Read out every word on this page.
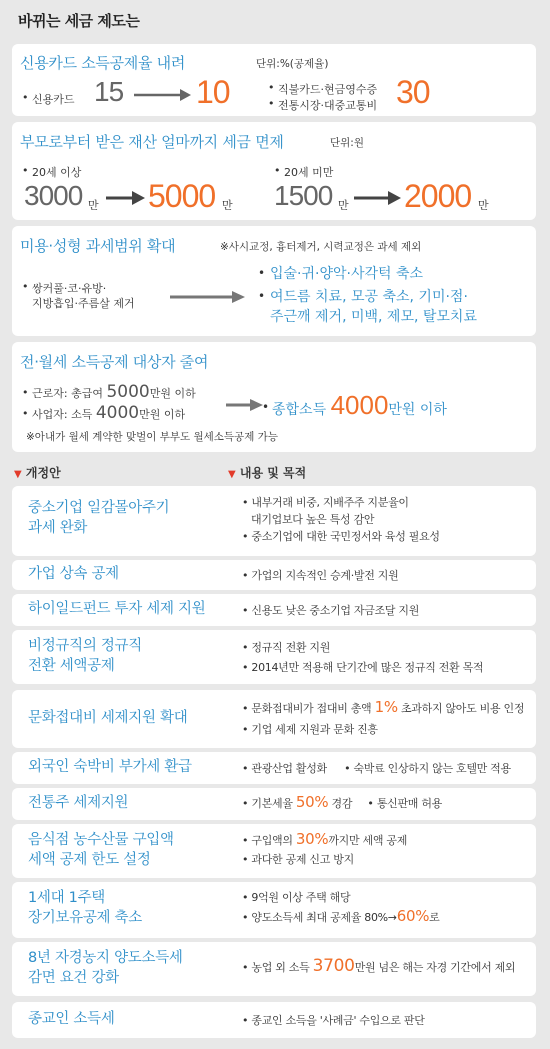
바뀌는 세금 제도는
신용카드 소득공제율 내려	단위:%(공제율)
• 신용카드 15 10	• 직불카드·현금영수증
• 전통시장·대중교통비 30
부모로부터 받은 재산 얼마까지 세금 면제	단위:원
• 20세 이상
3000 만 5000 만
• 20세 미만
1500 만 2000 만
미용·성형 과세범위 확대	※사시교정, 흉터제거, 시력교정은 과세 제외
• 쌍커풀·코·유방·
지방흡입·주름살 제거
• 입술·귀·양악·사각턱 축소
• 여드름 치료, 모공 축소, 기미·점·
주근깨 제거, 미백, 제모, 탈모치료
전·월세 소득공제 대상자 줄여
• 근로자: 총급여 5000만원 이하
• 사업자: 소득 4000만원 이하
• 종합소득 4000만원 이하
※아내가 월세 계약한 맞벌이 부부도 월세소득공제 가능
▼ 개정안	▼ 내용 및 목적
중소기업 일감몰아주기
과세 완화
• 내부거래 비중, 지배주주 지분율이
대기업보다 높은 특성 감안
• 중소기업에 대한 국민정서와 육성 필요성
가업 상속 공제	• 가업의 지속적인 승계·발전 지원
하이일드펀드 투자 세제 지원	• 신용도 낮은 중소기업 자금조달 지원
비정규직의 정규직
전환 세액공제
• 정규직 전환 지원
• 2014년만 적용해 단기간에 많은 정규직 전환 목적
문화접대비 세제지원 확대
• 문화접대비가 접대비 총액 1% 초과하지 않아도 비용 인정
• 기업 세제 지원과 문화 진흥
외국인 숙박비 부가세 환급	• 관광산업 활성화 • 숙박료 인상하지 않는 호텔만 적용
전통주 세제지원	• 기본세율 50% 경감 • 통신판매 허용
음식점 농수산물 구입액
세액 공제 한도 설정
• 구입액의 30%까지만 세액 공제
• 과다한 공제 신고 방지
1세대 1주택
장기보유공제 축소
• 9억원 이상 주택 해당
• 양도소득세 최대 공제율 80%→60%로
8년 자경농지 양도소득세
감면 요건 강화
• 농업 외 소득 3700만원 넘은 해는 자경 기간에서 제외
종교인 소득세	• 종교인 소득을 '사례금' 수입으로 판단
